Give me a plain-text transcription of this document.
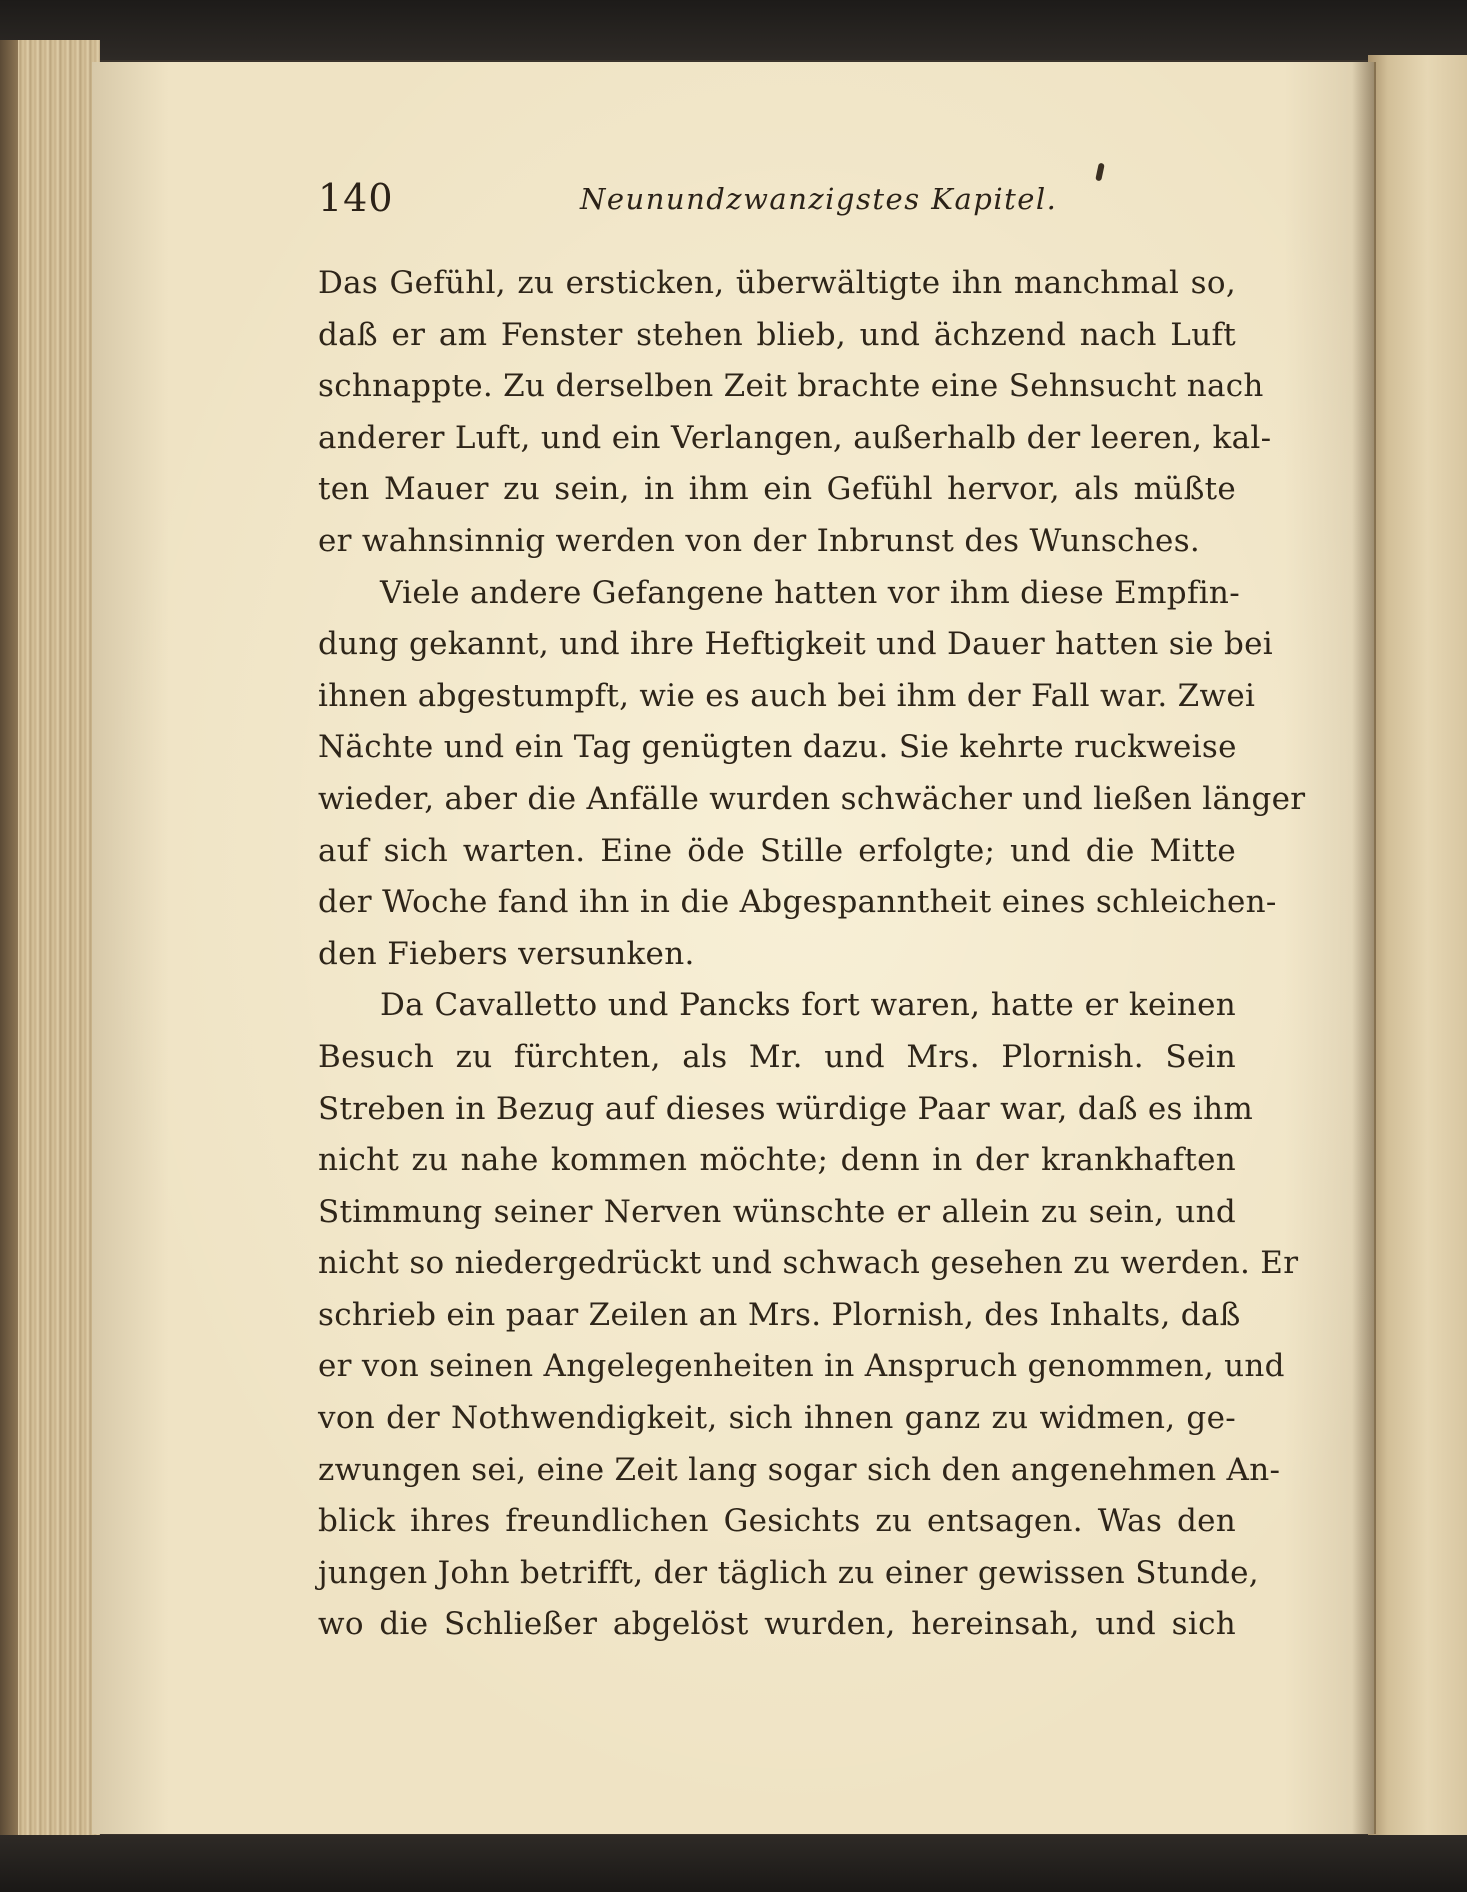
140	Neunundzwanzigstes Kapitel.
Das Gefühl, zu ersticken, überwältigte ihn manchmal so,
daß er am Fenster stehen blieb, und ächzend nach Luft
schnappte. Zu derselben Zeit brachte eine Sehnsucht nach
anderer Luft, und ein Verlangen, außerhalb der leeren, kal-
ten Mauer zu sein, in ihm ein Gefühl hervor, als müßte
er wahnsinnig werden von der Inbrunst des Wunsches.
Viele andere Gefangene hatten vor ihm diese Empfin-
dung gekannt, und ihre Heftigkeit und Dauer hatten sie bei
ihnen abgestumpft, wie es auch bei ihm der Fall war. Zwei
Nächte und ein Tag genügten dazu. Sie kehrte ruckweise
wieder, aber die Anfälle wurden schwächer und ließen länger
auf sich warten. Eine öde Stille erfolgte; und die Mitte
der Woche fand ihn in die Abgespanntheit eines schleichen-
den Fiebers versunken.
Da Cavalletto und Pancks fort waren, hatte er keinen
Besuch zu fürchten, als Mr. und Mrs. Plornish. Sein
Streben in Bezug auf dieses würdige Paar war, daß es ihm
nicht zu nahe kommen möchte; denn in der krankhaften
Stimmung seiner Nerven wünschte er allein zu sein, und
nicht so niedergedrückt und schwach gesehen zu werden. Er
schrieb ein paar Zeilen an Mrs. Plornish, des Inhalts, daß
er von seinen Angelegenheiten in Anspruch genommen, und
von der Nothwendigkeit, sich ihnen ganz zu widmen, ge-
zwungen sei, eine Zeit lang sogar sich den angenehmen An-
blick ihres freundlichen Gesichts zu entsagen. Was den
jungen John betrifft, der täglich zu einer gewissen Stunde,
wo die Schließer abgelöst wurden, hereinsah, und sich
